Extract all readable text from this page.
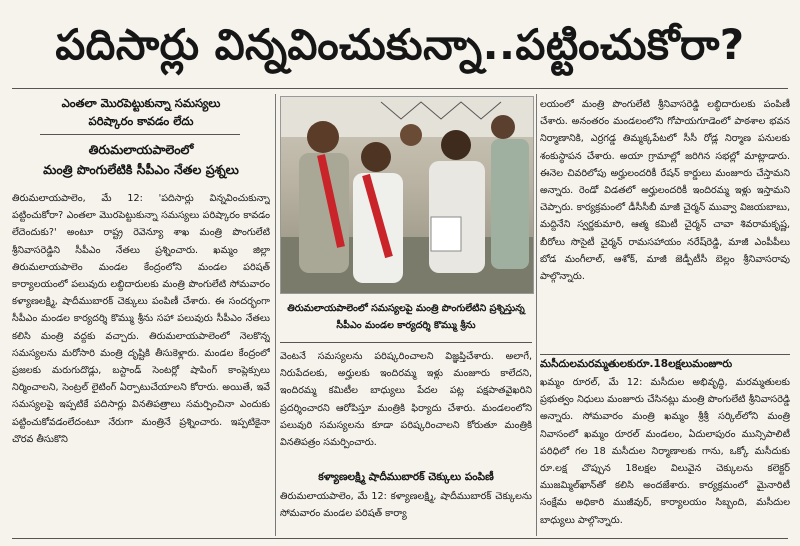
పదిసార్లు విన్నవించుకున్నా..పట్టించుకోరా?
ఎంతలా మొరపెట్టుకున్నా సమస్యలు
పరిష్కారం కావడం లేదు
తిరుమలాయపాలెంలో
మంత్రి పొంగులేటికి సీపీఎం నేతల ప్రశ్నలు

తిరుమలాయపాలెం, మే 12: 'పదిసార్లు విన్నవించుకున్నా పట్టించుకోరా? ఎంతలా మొరపెట్టుకున్నా సమస్యలు పరిష్కారం కావడం లేదెందుకు?' అంటూ రాష్ట్ర రెవెన్యూ శాఖ మంత్రి పొంగులేటి శ్రీనివాసరెడ్డిని సీపీఎం నేతలు ప్రశ్నించారు. ఖమ్మం జిల్లా తిరుమలాయపాలెం మండల కేంద్రంలోని మండల పరిషత్ కార్యాలయంలో పలువురు లబ్ధిదారులకు మంత్రి పొంగులేటి సోమవారం కళ్యాణలక్ష్మి, షాదీముబారక్ చెక్కులు పంపిణీ చేశారు. ఈ సందర్భంగా సీపీఎం మండల కార్యదర్శి కొమ్ము శ్రీను సహా పలువురు సీపీఎం నేతలు కలిసి మంత్రి వద్దకు వచ్చారు. తిరుమలాయపాలెంలో నెలకొన్న సమస్యలను మరోసారి మంత్రి దృష్టికి తీసుకెళ్లారు. మండల కేంద్రంలో ప్రజలకు మరుగుదొడ్లు, బస్టాండ్ సెంటర్లో షాపింగ్ కాంప్లెక్సులు నిర్మించాలని, సెంట్రల్ లైటింగ్ ఏర్పాటుచేయాలని కోరారు. అయితే, ఇవే సమస్యలపై ఇప్పటికే పదిసార్లు వినతిపత్రాలు సమర్పించినా ఎందుకు పట్టించుకోవడంలేదంటూ నేరుగా మంత్రినే ప్రశ్నించారు. ఇప్పటికైనా చొరవ తీసుకొని

తిరుమలాయపాలెంలో సమస్యలపై మంత్రి పొంగులేటిని ప్రశ్నిస్తున్న సీపీఎం మండల కార్యదర్శి కొమ్ము శ్రీను

వెంటనే సమస్యలను పరిష్కరించాలని విజ్ఞప్తిచేశారు. అలాగే, నిరుపేదలకు, అర్హులకు ఇందిరమ్మ ఇళ్లు మంజూరు కాలేదని, ఇందిరమ్మ కమిటీల బాధ్యులు పేదల పట్ల పక్షపాతవైఖరిని ప్రదర్శించారని ఆరోపిస్తూ మంత్రికి ఫిర్యాదు చేశారు. మండలంలోని పలువురి సమస్యలను కూడా పరిష్కరించాలని కోరుతూ మంత్రికి వినతిపత్రం సమర్పించారు.

కళ్యాణలక్ష్మి షాదీముబారక్ చెక్కులు పంపిణీ

తిరుమలాయపాలెం, మే 12: కళ్యాణలక్ష్మి, షాదీముబారక్ చెక్కులను సోమవారం మండల పరిషత్ కార్యా

లయంలో మంత్రి పొంగులేటి శ్రీనివాసరెడ్డి లబ్ధిదారులకు పంపిణీ చేశారు. అనంతరం మండలంలోని గోపాయగూడెంలో పాఠశాల భవన నిర్మాణానికి, ఎర్రగడ్డ తిమ్మక్కపేటలో సీసీ రోడ్ల నిర్మాణ పనులకు శంకుస్థాపన చేశారు. అయా గ్రామాల్లో జరిగిన సభల్లో మాట్లాడారు. ఈనెల చివరిలోపు అర్హులందరికీ రేషన్ కార్డులు మంజూరు చేస్తామని అన్నారు. రెండో విడతలో అర్హులందరికీ ఇందిరమ్మ ఇళ్లు ఇస్తామని చెప్పారు. కార్యక్రమంలో డీసీసీబీ మాజీ చైర్మన్ మువ్వా విజయబాబు, మద్దినేని స్వర్ణకుమారి, ఆత్మ కమిటీ చైర్మన్ చావా శివరామకృష్ణ, బీరోలు సొసైటీ చైర్మన్ రామసహాయం నరేష్‌రెడ్డి, మాజీ ఎంపీపీలు బోడ మంగీలాల్, ఆశోక్, మాజీ జెడ్పీటీసీ బెల్లం శ్రీనివాసరావు పాల్గొన్నారు.

మసీదులమరమ్మతులకురూ.18లక్షలుమంజూరు

ఖమ్మం రూరల్, మే 12: మసీదుల అభివృద్ధి, మరమ్మతులకు ప్రభుత్వం నిధులు మంజూరు చేసినట్లు మంత్రి పొంగులేటి శ్రీనివాసరెడ్డి అన్నారు. సోమవారం మంత్రి ఖమ్మం శ్రీశ్రీ సర్కిల్‌లోని మంత్రి నివాసంలో ఖమ్మం రూరల్ మండలం, ఏదులాపురం మున్సిపాలిటీ పరిధిలో గల 18 మసీదుల నిర్మాణాలకు గాను, ఒక్కో మసీదుకు రూ.లక్ష చొప్పున 18లక్షల విలువైన చెక్కులను కలెక్టర్ ముజమ్మిల్‌ఖాన్‌తో కలిసి అందజేశారు. కార్యక్రమంలో మైనారిటీ సంక్షేమ అధికారి ముజీవుర్, కార్యాలయం సిబ్బంది, మసీదుల బాధ్యులు పాల్గొన్నారు.
